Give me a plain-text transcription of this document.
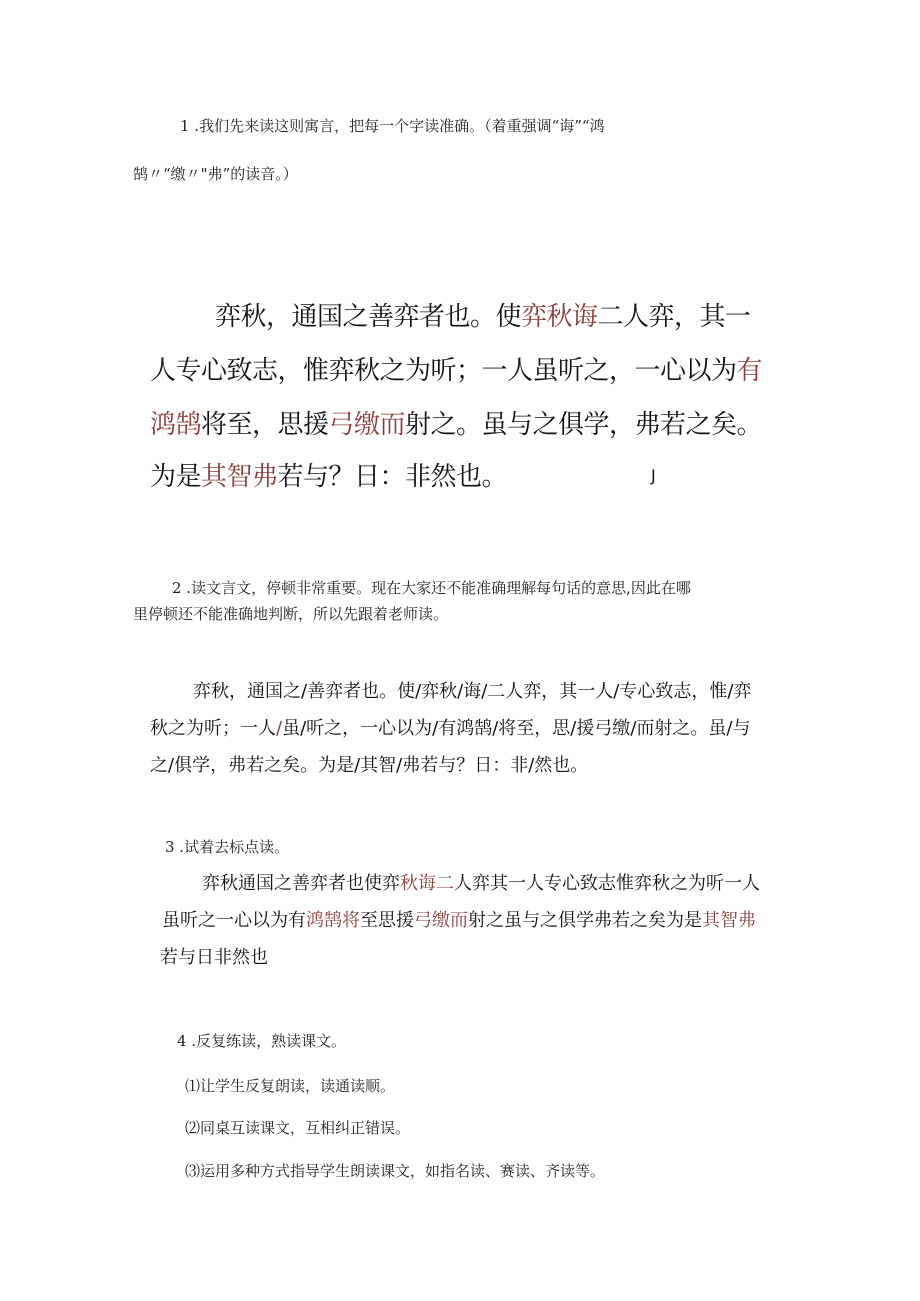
1 .我们先来读这则寓言，把每一个字读准确。（着重强调“诲”“鸿
鹄〃“缴〃"弗”的读音。）
弈秋，通国之善弈者也。使弈秋诲二人弈，其一
人专心致志，惟弈秋之为听；一人虽听之，一心以为有
鸿鹄将至，思援弓缴而射之。虽与之俱学，弗若之矣。
为是其智弗若与？日：非然也。	J
2 .读文言文，停顿非常重要。现在大家还不能准确理解每句话的意思,因此在哪
里停顿还不能准确地判断，所以先跟着老师读。
弈秋，通国之/善弈者也。使/弈秋/诲/二人弈，其一人/专心致志，惟/弈
秋之为听；一人/虽/听之，一心以为/有鸿鹄/将至，思/援弓缴/而射之。虽/与
之/俱学，弗若之矣。为是/其智/弗若与？日：非/然也。
3 .试着去标点读。
弈秋通国之善弈者也使弈秋诲二人弈其一人专心致志惟弈秋之为听一人
虽听之一心以为有鸿鹄将至思援弓缴而射之虽与之俱学弗若之矣为是其智弗
若与日非然也
4 .反复练读，熟读课文。
⑴让学生反复朗读，读通读顺。
⑵同桌互读课文，互相纠正错误。
⑶运用多种方式指导学生朗读课文，如指名读、赛读、齐读等。
